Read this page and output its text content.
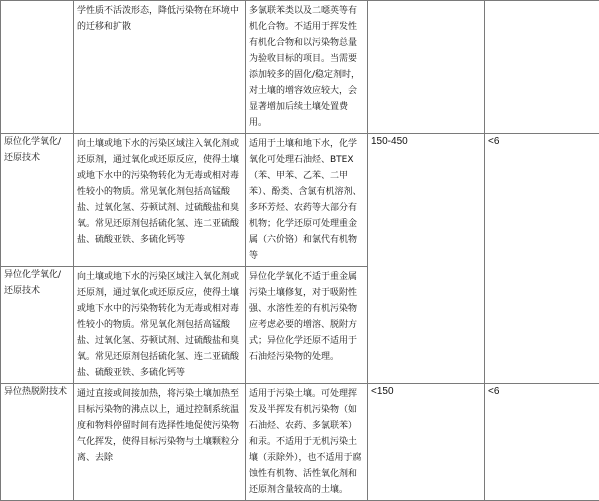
	学性质不活泼形态，降低污染物在环境中的迁移和扩散	多氯联苯类以及二噁英等有机化合物。不适用于挥发性有机化合物和以污染物总量为验收目标的项目。当需要添加较多的固化/稳定剂时，对土壤的增容效应较大，会显著增加后续土壤处置费用。		

原位化学氧化/还原技术	向土壤或地下水的污染区域注入氧化剂或还原剂，通过氧化或还原反应，使得土壤或地下水中的污染物转化为无毒或相对毒性较小的物质。常见氧化剂包括高锰酸盐、过氧化氢、芬顿试剂、过硫酸盐和臭氧。常见还原剂包括硫化氢、连二亚硫酸盐、硫酸亚铁、多硫化钙等	适用于土壤和地下水，化学氧化可处理石油烃、BTEX（苯、甲苯、乙苯、二甲苯）、酚类、含氯有机溶剂、多环芳烃、农药等大部分有机物；化学还原可处理重金属（六价铬）和氯代有机物等	150-450	<6

异位化学氧化/还原技术	向土壤或地下水的污染区域注入氧化剂或还原剂，通过氧化或还原反应，使得土壤或地下水中的污染物转化为无毒或相对毒性较小的物质。常见氧化剂包括高锰酸盐、过氧化氢、芬顿试剂、过硫酸盐和臭氧。常见还原剂包括硫化氢、连二亚硫酸盐、硫酸亚铁、多硫化钙等	异位化学氧化不适于重金属污染土壤修复，对于吸附性强、水溶性差的有机污染物应考虑必要的增溶、脱附方式；异位化学还原不适用于石油烃污染物的处理。		

异位热脱附技术	通过直接或间接加热，将污染土壤加热至目标污染物的沸点以上，通过控制系统温度和物料停留时间有选择性地促使污染物气化挥发，使得目标污染物与土壤颗粒分离、去除	适用于污染土壤。可处理挥发及半挥发有机污染物（如石油烃、农药、多氯联苯）和汞。不适用于无机污染土壤（汞除外），也不适用于腐蚀性有机物、活性氧化剂和还原剂含量较高的土壤。	<150	<6
